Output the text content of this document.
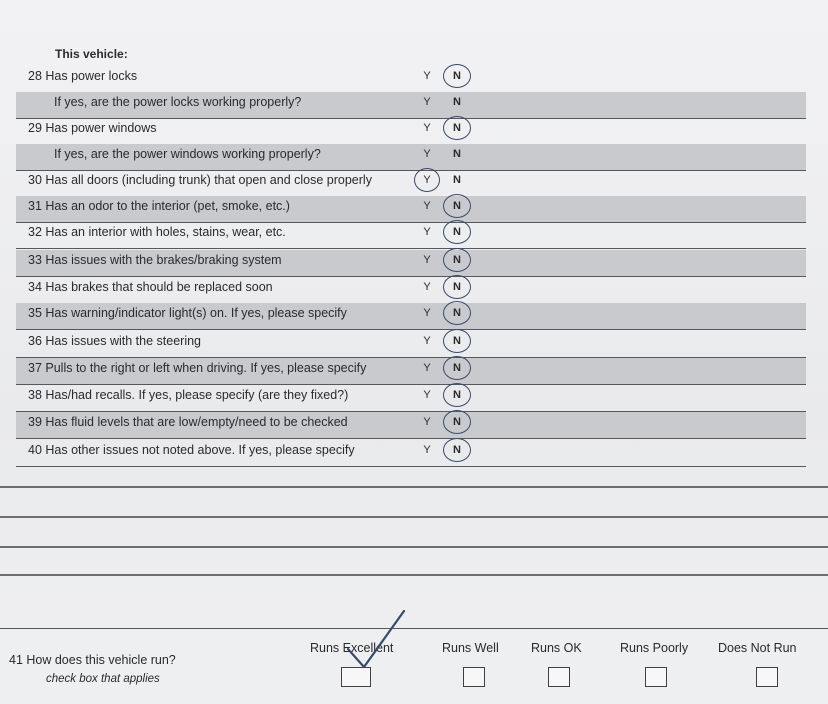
This vehicle:
28 Has power locks	Y	N
If yes, are the power locks working properly?	Y	N
29 Has power windows	Y	N
If yes, are the power windows working properly?	Y	N
30 Has all doors (including trunk) that open and close properly	Y	N
31 Has an odor to the interior (pet, smoke, etc.)	Y	N
32 Has an interior with holes, stains, wear, etc.	Y	N
33 Has issues with the brakes/braking system	Y	N
34 Has brakes that should be replaced soon	Y	N
35 Has warning/indicator light(s) on. If yes, please specify	Y	N
36 Has issues with the steering	Y	N
37 Pulls to the right or left when driving. If yes, please specify	Y	N
38 Has/had recalls. If yes, please specify (are they fixed?)	Y	N
39 Has fluid levels that are low/empty/need to be checked	Y	N
40 Has other issues not noted above. If yes, please specify	Y	N
41 How does this vehicle run?
check box that applies
Runs Excellent	Runs Well	Runs OK	Runs Poorly Does Not Run
